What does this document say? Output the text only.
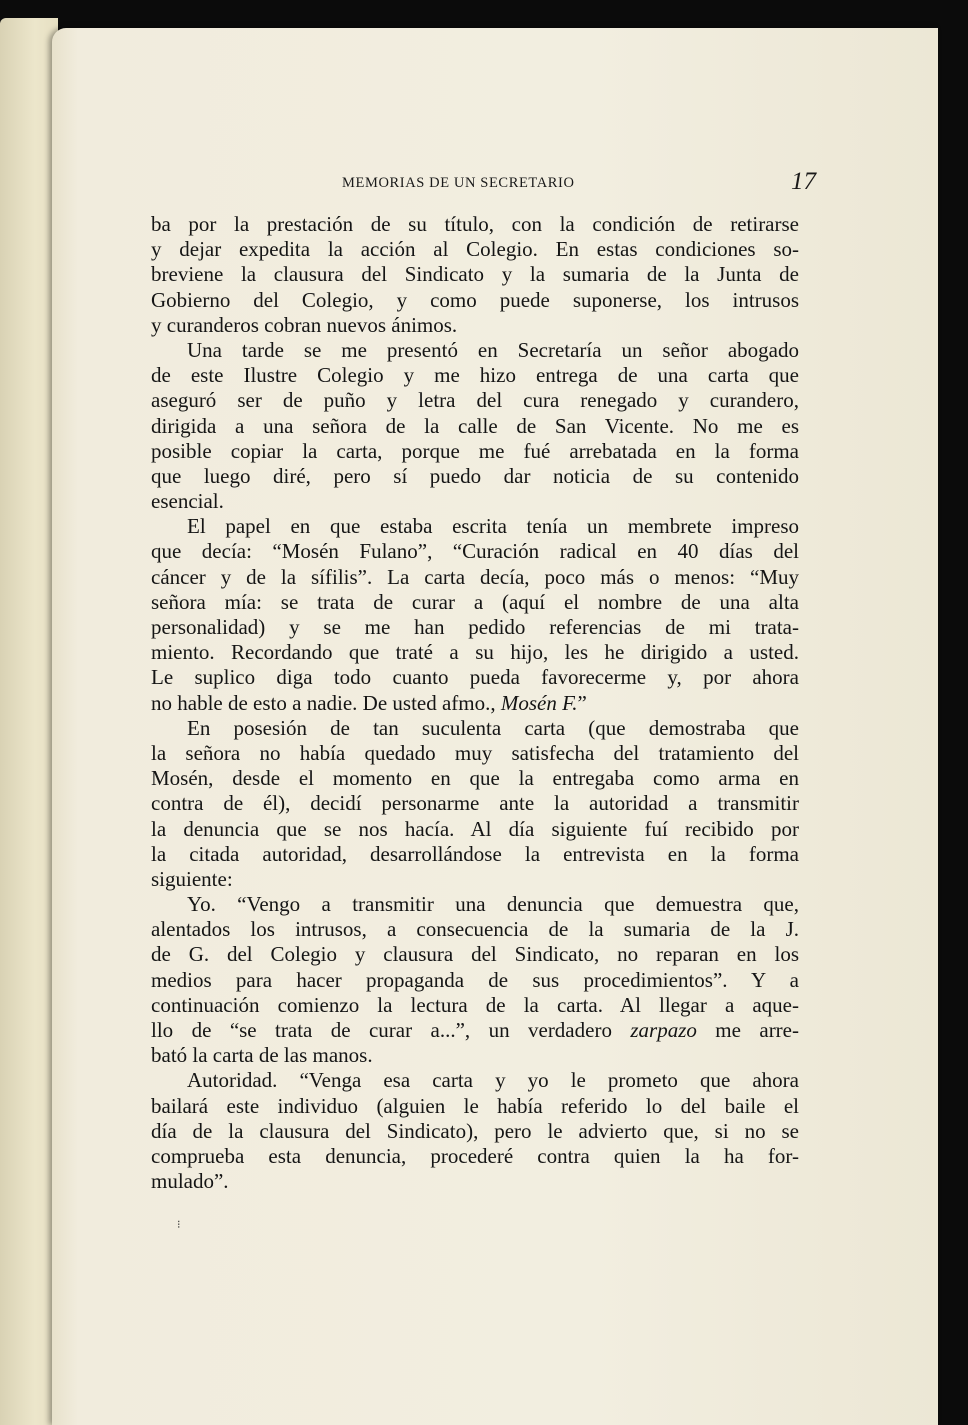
MEMORIAS DE UN SECRETARIO	17
ba por la prestación de su título, con la condición de retirarse
y dejar expedita la acción al Colegio. En estas condiciones so-
breviene la clausura del Sindicato y la sumaria de la Junta de
Gobierno del Colegio, y como puede suponerse, los intrusos
y curanderos cobran nuevos ánimos.
Una tarde se me presentó en Secretaría un señor abogado
de este Ilustre Colegio y me hizo entrega de una carta que
aseguró ser de puño y letra del cura renegado y curandero,
dirigida a una señora de la calle de San Vicente. No me es
posible copiar la carta, porque me fué arrebatada en la forma
que luego diré, pero sí puedo dar noticia de su contenido
esencial.
El papel en que estaba escrita tenía un membrete impreso
que decía: “Mosén Fulano”, “Curación radical en 40 días del
cáncer y de la sífilis”. La carta decía, poco más o menos: “Muy
señora mía: se trata de curar a (aquí el nombre de una alta
personalidad) y se me han pedido referencias de mi trata-
miento. Recordando que traté a su hijo, les he dirigido a usted.
Le suplico diga todo cuanto pueda favorecerme y, por ahora
no hable de esto a nadie. De usted afmo., Mosén F.”
En posesión de tan suculenta carta (que demostraba que
la señora no había quedado muy satisfecha del tratamiento del
Mosén, desde el momento en que la entregaba como arma en
contra de él), decidí personarme ante la autoridad a transmitir
la denuncia que se nos hacía. Al día siguiente fuí recibido por
la citada autoridad, desarrollándose la entrevista en la forma
siguiente:
Yo. “Vengo a transmitir una denuncia que demuestra que,
alentados los intrusos, a consecuencia de la sumaria de la J.
de G. del Colegio y clausura del Sindicato, no reparan en los
medios para hacer propaganda de sus procedimientos”. Y a
continuación comienzo la lectura de la carta. Al llegar a aque-
llo de “se trata de curar a...”, un verdadero zarpazo me arre-
bató la carta de las manos.
Autoridad. “Venga esa carta y yo le prometo que ahora
bailará este individuo (alguien le había referido lo del baile el
día de la clausura del Sindicato), pero le advierto que, si no se
comprueba esta denuncia, procederé contra quien la ha for-
mulado”.
⁝
